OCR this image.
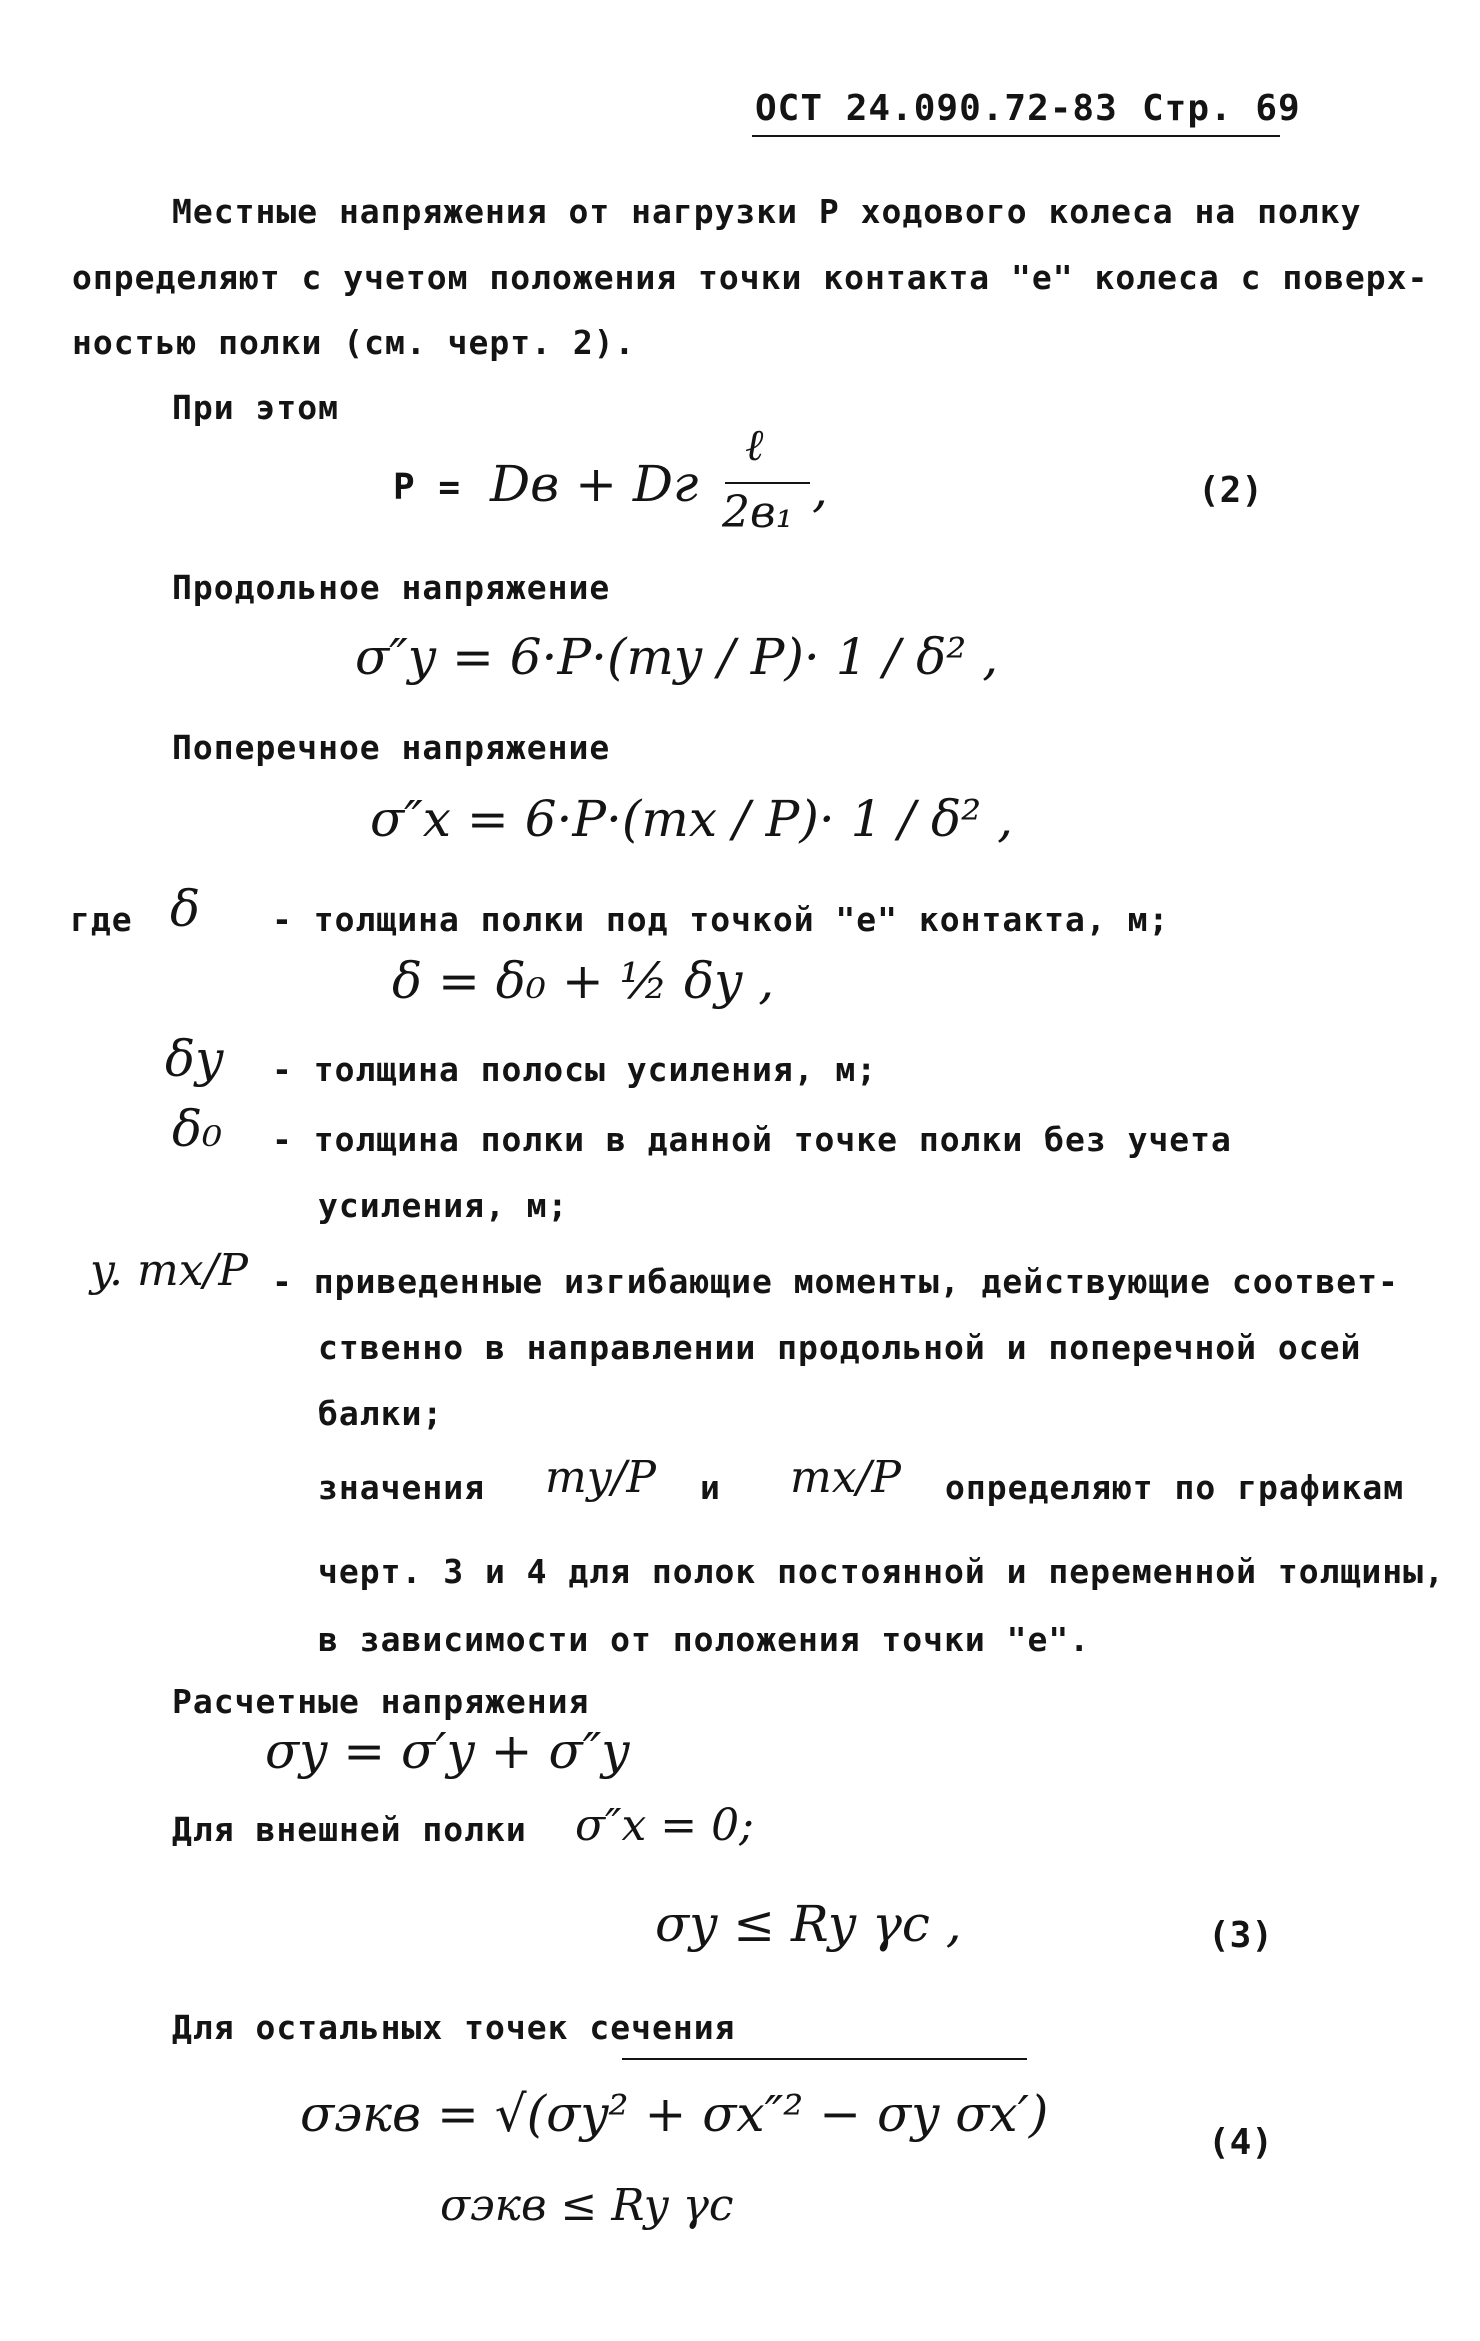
ОСТ 24.090.72-83 Стр. 69
Местные напряжения от нагрузки Р ходового колеса на полку
определяют с учетом положения точки контакта "е" колеса с поверх-
ностью полки (см. черт. 2).
При этом
Р = Dв + Dг
ℓ
2в₁ ,	(2)
Продольное напряжение
σ″y = 6·P·(my / P)· 1 / δ² ,
Поперечное напряжение
σ″x = 6·P·(mx / P)· 1 / δ² ,
где δ - толщина полки под точкой "е" контакта, м;
δ = δ₀ + ½ δy ,
δy - толщина полосы усиления, м;
δ₀ - толщина полки в данной точке полки без учета
усиления, м;
y. mx/P - приведенные изгибающие моменты, действующие соответ-
ственно в направлении продольной и поперечной осей
балки;
значения my/P и mx/P определяют по графикам
черт. 3 и 4 для полок постоянной и переменной толщины,
в зависимости от положения точки "е".
Расчетные напряжения
σy = σ′y + σ″y
Для внешней полки σ″x = 0;
σy ≤ Ry γc ,	(3)
Для остальных точек сечения
σэкв = √(σy² + σx″² − σy σx′)	(4)
σэкв ≤ Ry γc
